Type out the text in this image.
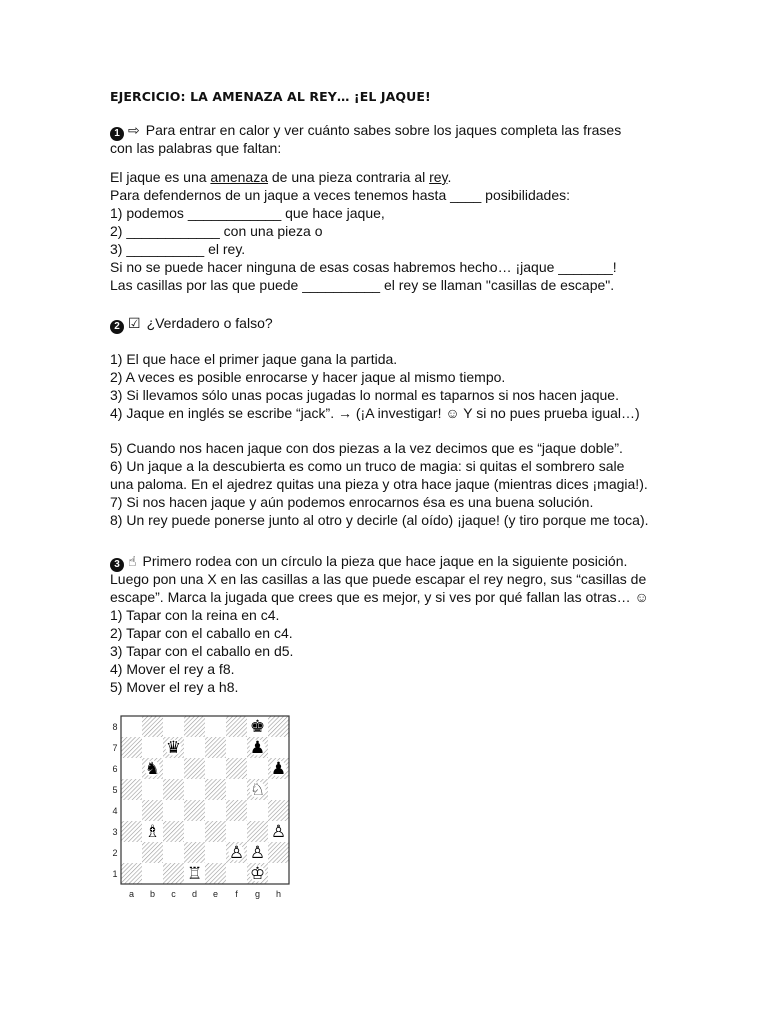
EJERCICIO: LA AMENAZA AL REY… ¡EL JAQUE!
1 ⇨ Para entrar en calor y ver cuánto sabes sobre los jaques completa las frases
con las palabras que faltan:
El jaque es una amenaza de una pieza contraria al rey.
Para defendernos de un jaque a veces tenemos hasta ____ posibilidades:
1) podemos ____________ que hace jaque,
2) ____________ con una pieza o
3) __________ el rey.
Si no se puede hacer ninguna de esas cosas habremos hecho… ¡jaque _______!
Las casillas por las que puede __________ el rey se llaman "casillas de escape".
2 ☑ ¿Verdadero o falso?
1) El que hace el primer jaque gana la partida.
2) A veces es posible enrocarse y hacer jaque al mismo tiempo.
3) Si llevamos sólo unas pocas jugadas lo normal es taparnos si nos hacen jaque.
4) Jaque en inglés se escribe “jack”. → (¡A investigar! ☺ Y si no pues prueba igual…)
5) Cuando nos hacen jaque con dos piezas a la vez decimos que es “jaque doble”.
6) Un jaque a la descubierta es como un truco de magia: si quitas el sombrero sale
una paloma. En el ajedrez quitas una pieza y otra hace jaque (mientras dices ¡magia!).
7) Si nos hacen jaque y aún podemos enrocarnos ésa es una buena solución.
8) Un rey puede ponerse junto al otro y decirle (al oído) ¡jaque! (y tiro porque me toca).
3 ☝ Primero rodea con un círculo la pieza que hace jaque en la siguiente posición.
Luego pon una X en las casillas a las que puede escapar el rey negro, sus “casillas de
escape”. Marca la jugada que crees que es mejor, y si ves por qué fallan las otras… ☺
1) Tapar con la reina en c4.
2) Tapar con el caballo en c4.
3) Tapar con el caballo en d5.
4) Mover el rey a f8.
5) Mover el rey a h8.
♚
♛	♟
♞	♟
♘
♗	♙
♙ ♙
♖	♔
8
7
6
5
4
3
2
1
a b c d e f g h
